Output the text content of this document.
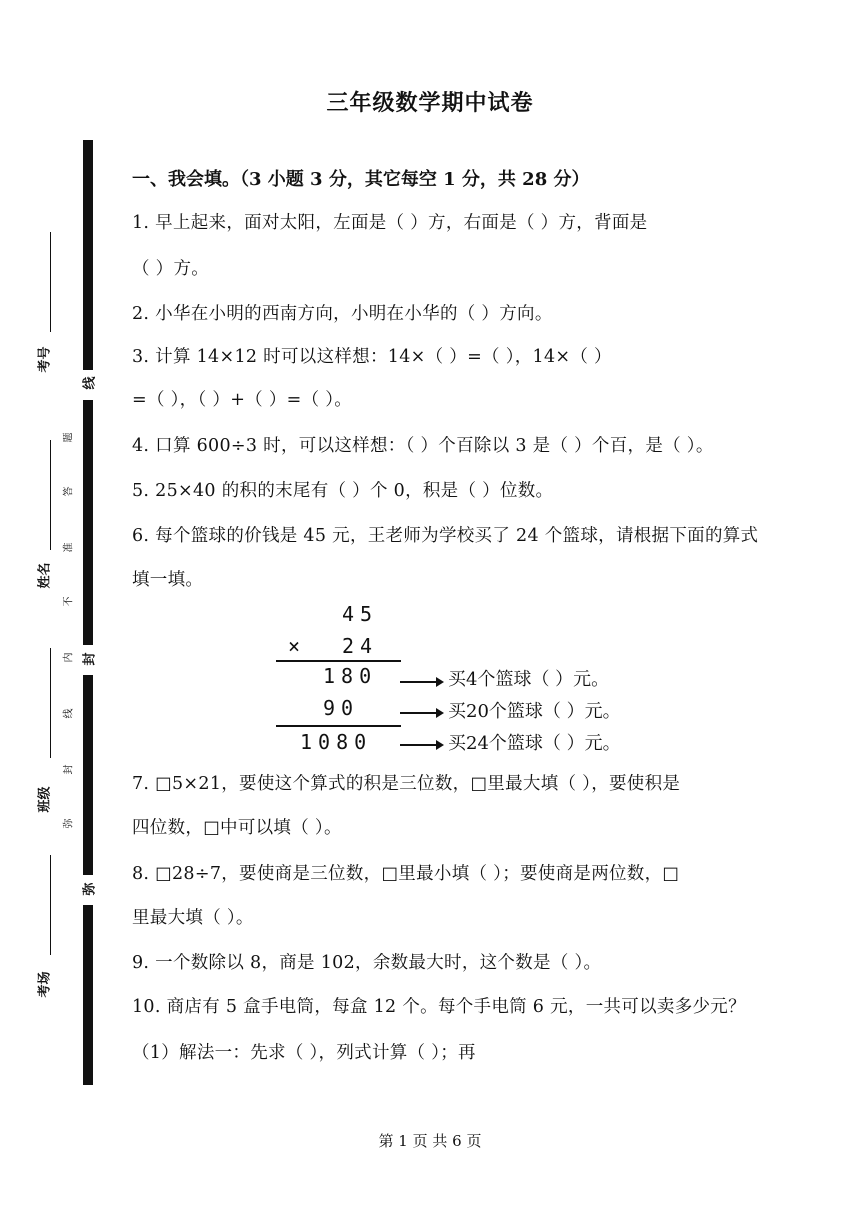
线
封
弥
考号
姓名
班级
考场
题
答
准
不
内
线
封
弥
三年级数学期中试卷
一、我会填。（3 小题 3 分，其它每空 1 分，共 28 分）
1. 早上起来，面对太阳，左面是（ ）方，右面是（ ）方，背面是
（ ）方。
2. 小华在小明的西南方向，小明在小华的（ ）方向。
3. 计算 14×12 时可以这样想：14×（ ）=（ ），14×（ ）
=（ ），（ ）+（ ）=（ ）。
4. 口算 600÷3 时，可以这样想：（ ）个百除以 3 是（ ）个百，是（ ）。
5. 25×40 的积的末尾有（ ）个 0，积是（ ）位数。
6. 每个篮球的价钱是 45 元，王老师为学校买了 24 个篮球，请根据下面的算式
填一填。
45
× 24
180
90
1080
买4个篮球（ ）元。
买20个篮球（ ）元。
买24个篮球（ ）元。
7. □5×21，要使这个算式的积是三位数，□里最大填（ ），要使积是
四位数，□中可以填（ ）。
8. □28÷7，要使商是三位数，□里最小填（ ）；要使商是两位数，□
里最大填（ ）。
9. 一个数除以 8，商是 102，余数最大时，这个数是（ ）。
10. 商店有 5 盒手电筒，每盒 12 个。每个手电筒 6 元，一共可以卖多少元？
（1）解法一：先求（ ），列式计算（ ）；再
第 1 页 共 6 页
